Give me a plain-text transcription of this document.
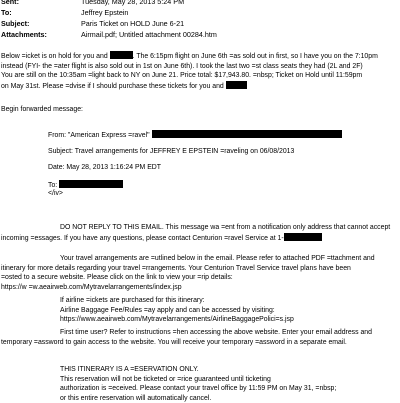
Sent:	Tuesday, May 28, 2013 5:24 PM
To:	Jeffrey Epstein
Subject:	Paris Ticket on HOLD June 6-21
Attachments:	Airmail.pdf; Untitled attachment 00284.htm
Below =icket is on hold for you and	. The 6:15pm flight on June 6th =as sold out in first, so I have you on the 7:10pm
instead (FYI- the =ater flight is also sold out in 1st on June 6th). I took the last two =st class seats they had (2L and 2F)
You are still on the 10:35am =light back to NY on June 21. Price total: $17,943.80. =nbsp; Ticket on Hold until 11:59pm
on May 31st. Please =dvise if I should purchase these tickets for you and
Begin forwarded message:
From: "American Express =ravel"
Subject: Travel arrangements for JEFFREY E EPSTEIN =raveling on 06/08/2013
Date: May 28, 2013 1:16:24 PM EDT
To:
</iv>
DO NOT REPLY TO THIS EMAIL. This message wa =ent from a notification only address that cannot accept
incoming =essages. If you have any questions, please contact Centurion =ravel Service at 1-
Your travel arrangements are =utlined below in the email. Please refer to attached PDF =ttachment and
itinerary for more details regarding your travel =rrangements. Your Centurion Travel Service travel plans have been
=osted to a secure website. Please click on the link to view your =rip details:
https://w =w.aeairweb.com/Mytravelarrangements/index.jsp
If airline =ickets are purchased for this itinerary:
Airline Baggage Fee/Rules =ay apply and can be accessed by visiting:
https://www.aeairweb.com/Mytravelarrangements/AirlineBaggagePolici=s.jsp
First time user? Refer to instructions =hen accessing the above website. Enter your email address and
temporary =assword to gain access to the website. You will receive your temporary =assword in a separate email.
THIS ITINERARY IS A =ESERVATION ONLY.
This reservation will not be ticketed or =rice guaranteed until ticketing
authorization is =eceived. Please contact your travel office by 11:59 PM on May 31, =nbsp;
or this entire reservation will automatically cancel.
